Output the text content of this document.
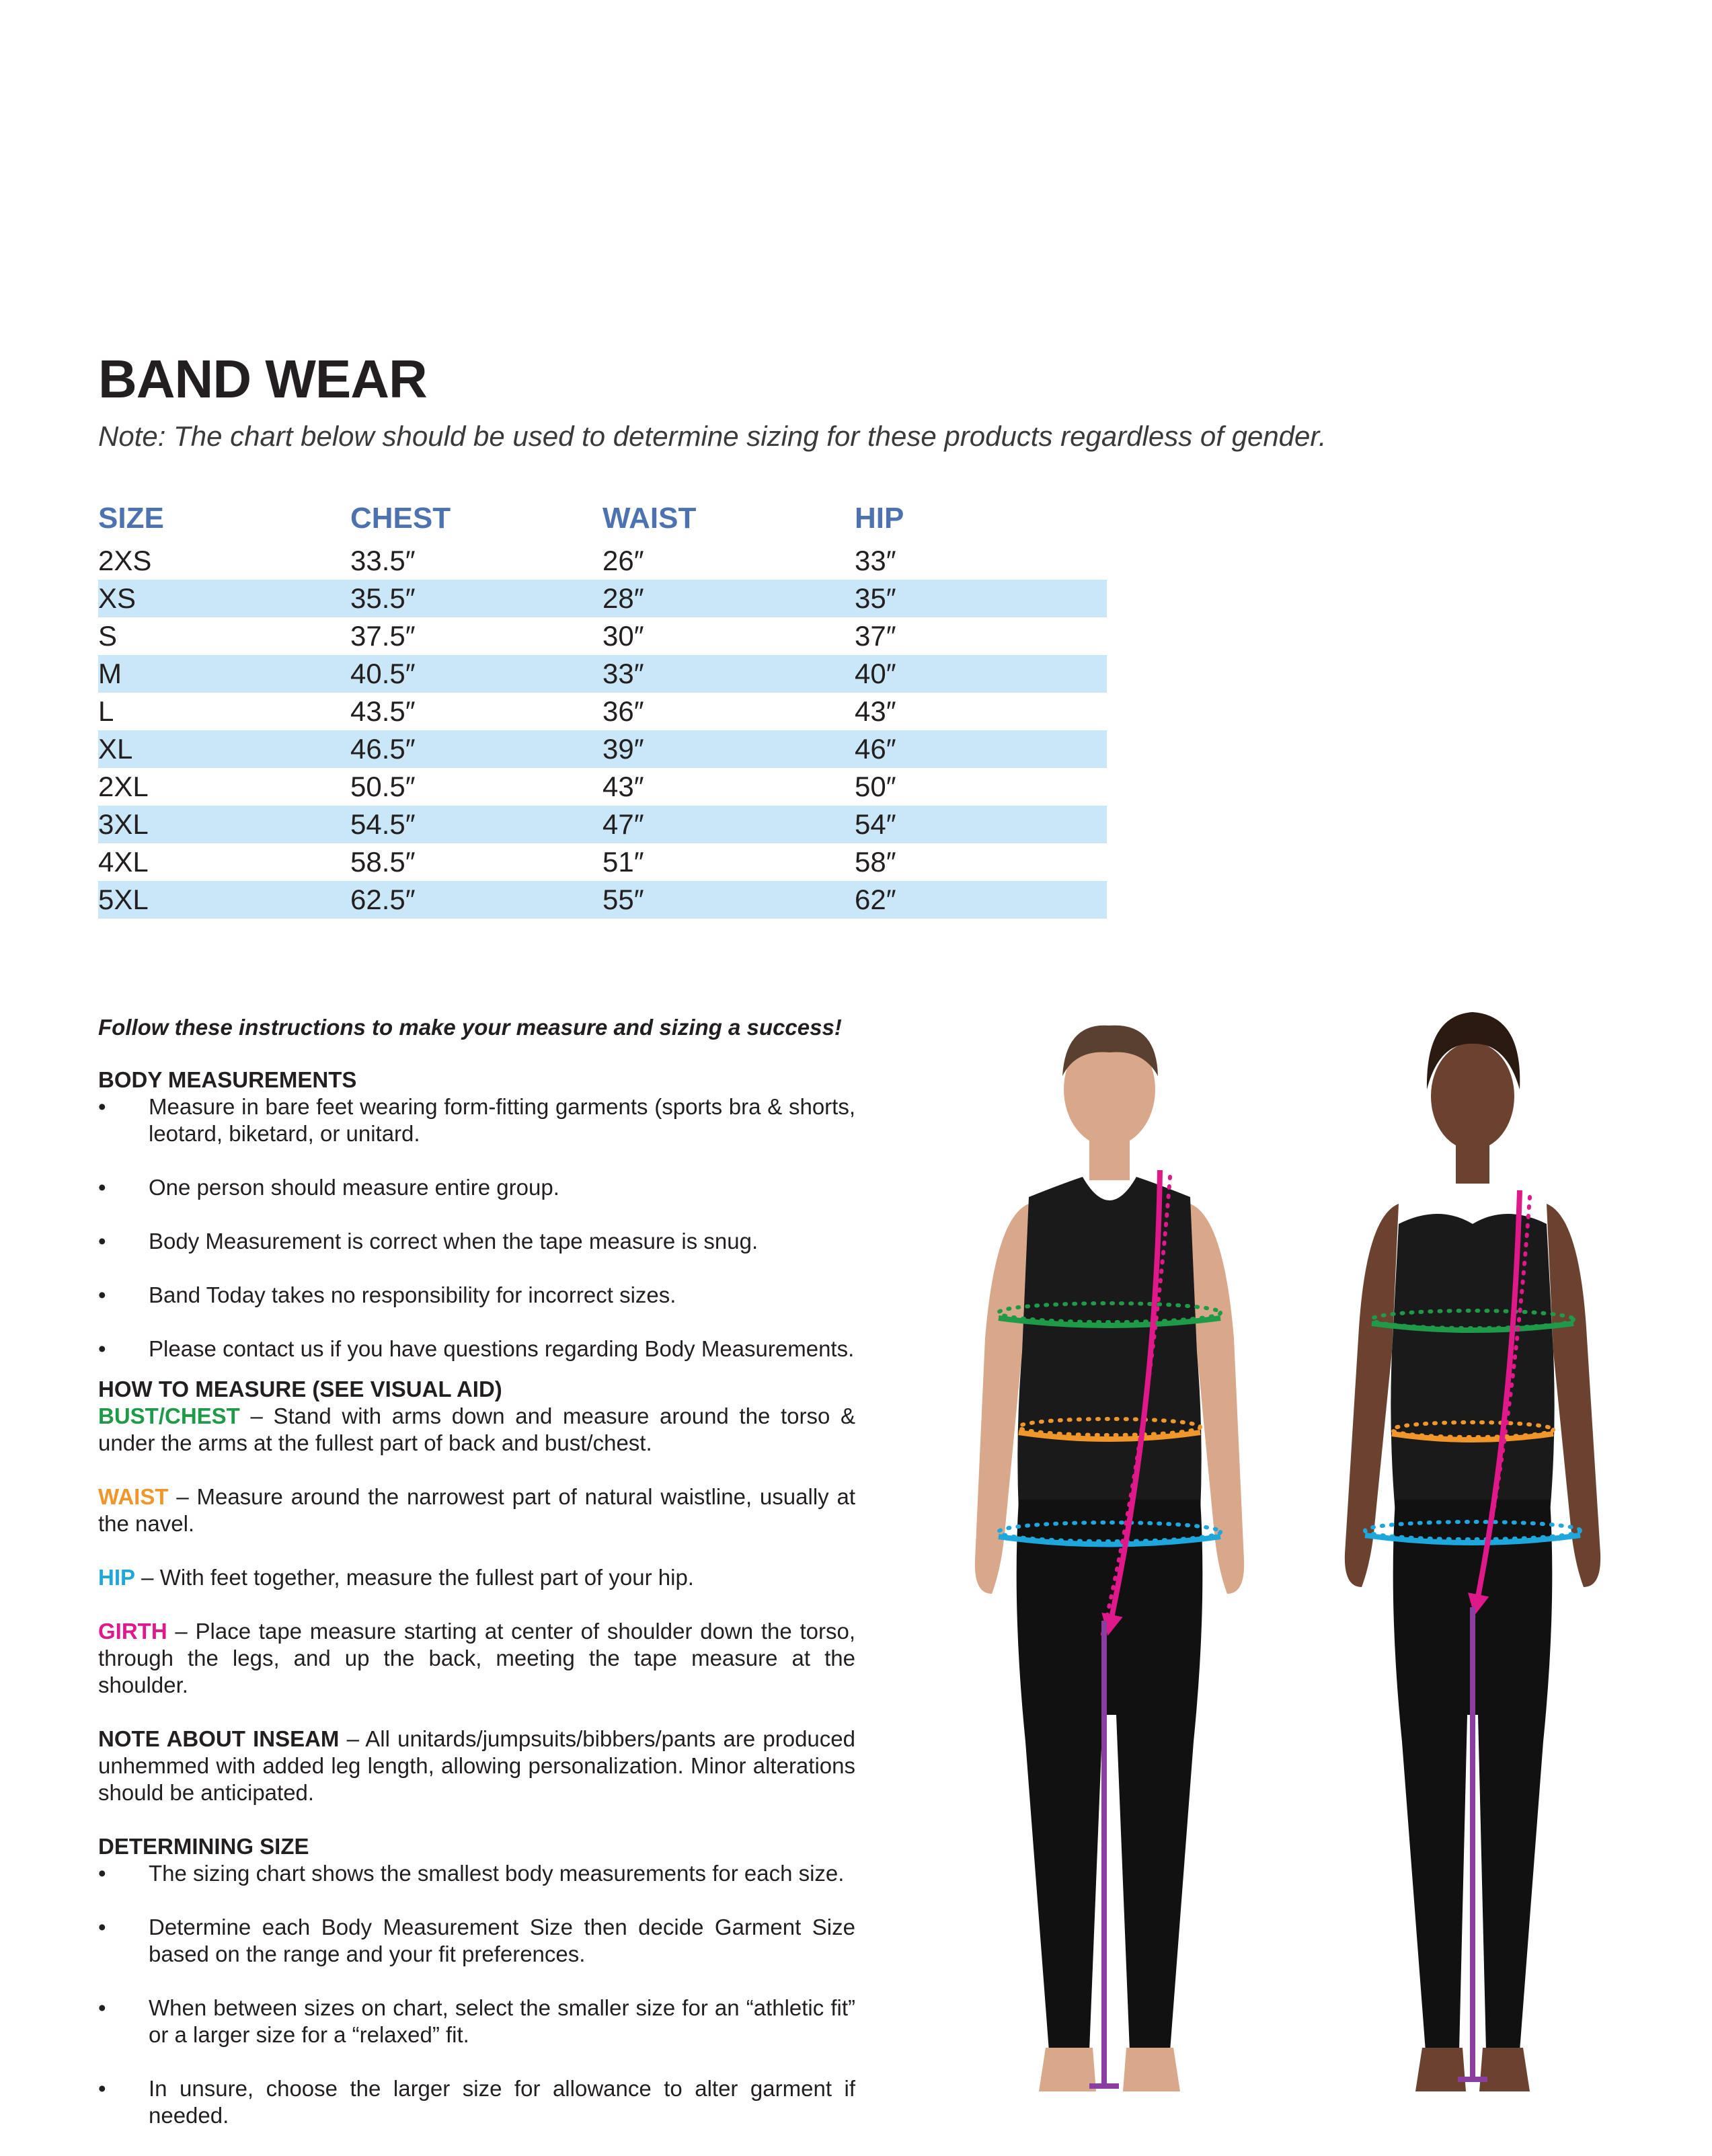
BAND WEAR

Note: The chart below should be used to determine sizing for these products regardless of gender.

SIZE	CHEST	WAIST	HIP
2XS	33.5″	26″	33″
XS	35.5″	28″	35″
S	37.5″	30″	37″
M	40.5″	33″	40″
L	43.5″	36″	43″
XL	46.5″	39″	46″
2XL	50.5″	43″	50″
3XL	54.5″	47″	54″
4XL	58.5″	51″	58″
5XL	62.5″	55″	62″

Follow these instructions to make your measure and sizing a success!

BODY MEASUREMENTS

• Measure in bare feet wearing form-fitting garments (sports bra & shorts, leotard, biketard, or unitard.
• One person should measure entire group.
• Body Measurement is correct when the tape measure is snug.
• Band Today takes no responsibility for incorrect sizes.
• Please contact us if you have questions regarding Body Measurements.

HOW TO MEASURE (SEE VISUAL AID)

BUST/CHEST – Stand with arms down and measure around the torso & under the arms at the fullest part of back and bust/chest.

WAIST – Measure around the narrowest part of natural waistline, usually at the navel.

HIP – With feet together, measure the fullest part of your hip.

GIRTH – Place tape measure starting at center of shoulder down the torso, through the legs, and up the back, meeting the tape measure at the shoulder.

NOTE ABOUT INSEAM – All unitards/jumpsuits/bibbers/pants are produced unhemmed with added leg length, allowing personalization. Minor alterations should be anticipated.

DETERMINING SIZE

• The sizing chart shows the smallest body measurements for each size.
• Determine each Body Measurement Size then decide Garment Size based on the range and your fit preferences.
• When between sizes on chart, select the smaller size for an “athletic fit” or a larger size for a “relaxed” fit.
• In unsure, choose the larger size for allowance to alter garment if needed.
